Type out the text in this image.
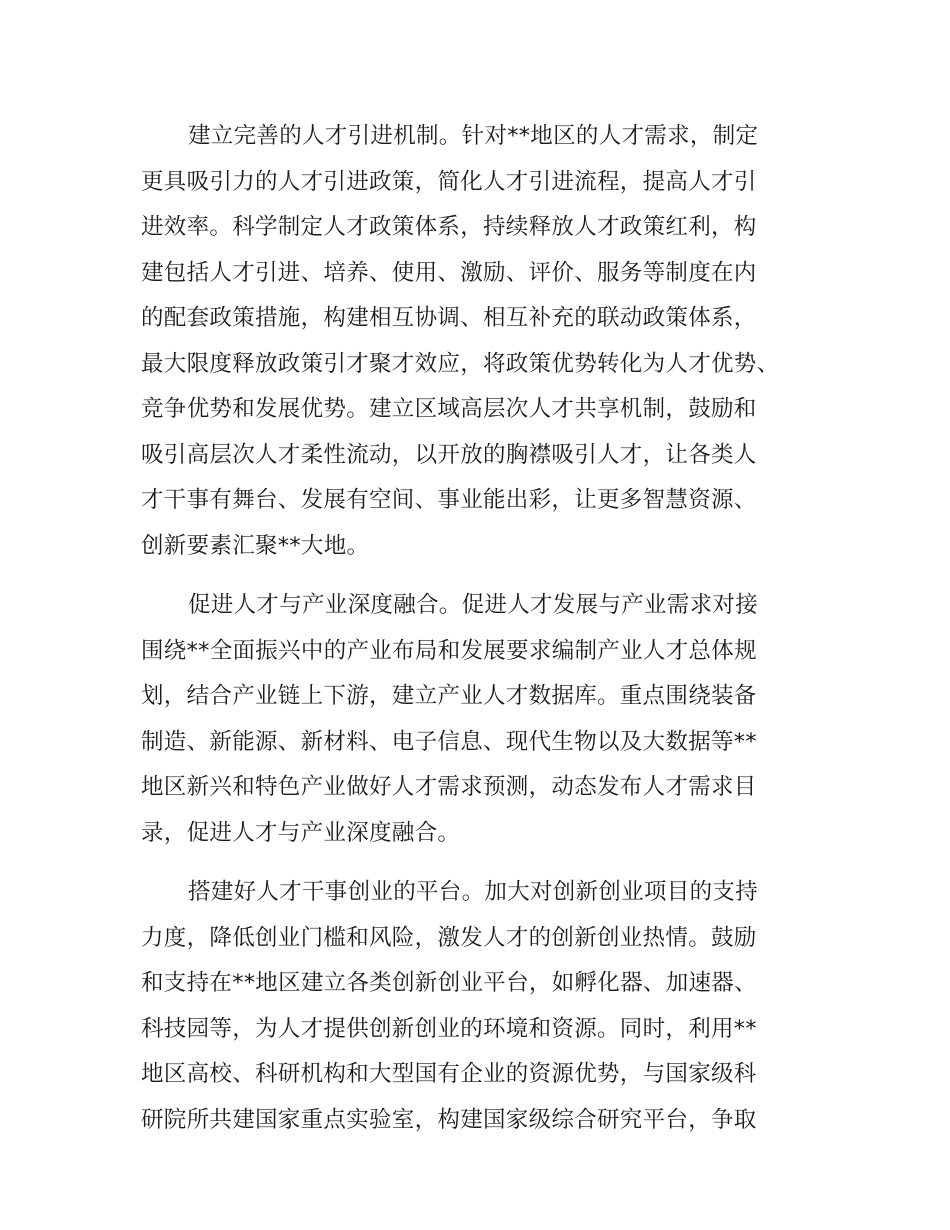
建立完善的人才引进机制。针对**地区的人才需求，制定
更具吸引力的人才引进政策，简化人才引进流程，提高人才引
进效率。科学制定人才政策体系，持续释放人才政策红利，构
建包括人才引进、培养、使用、激励、评价、服务等制度在内
的配套政策措施，构建相互协调、相互补充的联动政策体系，
最大限度释放政策引才聚才效应，将政策优势转化为人才优势、
竞争优势和发展优势。建立区域高层次人才共享机制，鼓励和
吸引高层次人才柔性流动，以开放的胸襟吸引人才，让各类人
才干事有舞台、发展有空间、事业能出彩，让更多智慧资源、
创新要素汇聚**大地。
促进人才与产业深度融合。促进人才发展与产业需求对接
围绕**全面振兴中的产业布局和发展要求编制产业人才总体规
划，结合产业链上下游，建立产业人才数据库。重点围绕装备
制造、新能源、新材料、电子信息、现代生物以及大数据等**
地区新兴和特色产业做好人才需求预测，动态发布人才需求目
录，促进人才与产业深度融合。
搭建好人才干事创业的平台。加大对创新创业项目的支持
力度，降低创业门槛和风险，激发人才的创新创业热情。鼓励
和支持在**地区建立各类创新创业平台，如孵化器、加速器、
科技园等，为人才提供创新创业的环境和资源。同时，利用**
地区高校、科研机构和大型国有企业的资源优势，与国家级科
研院所共建国家重点实验室，构建国家级综合研究平台，争取
